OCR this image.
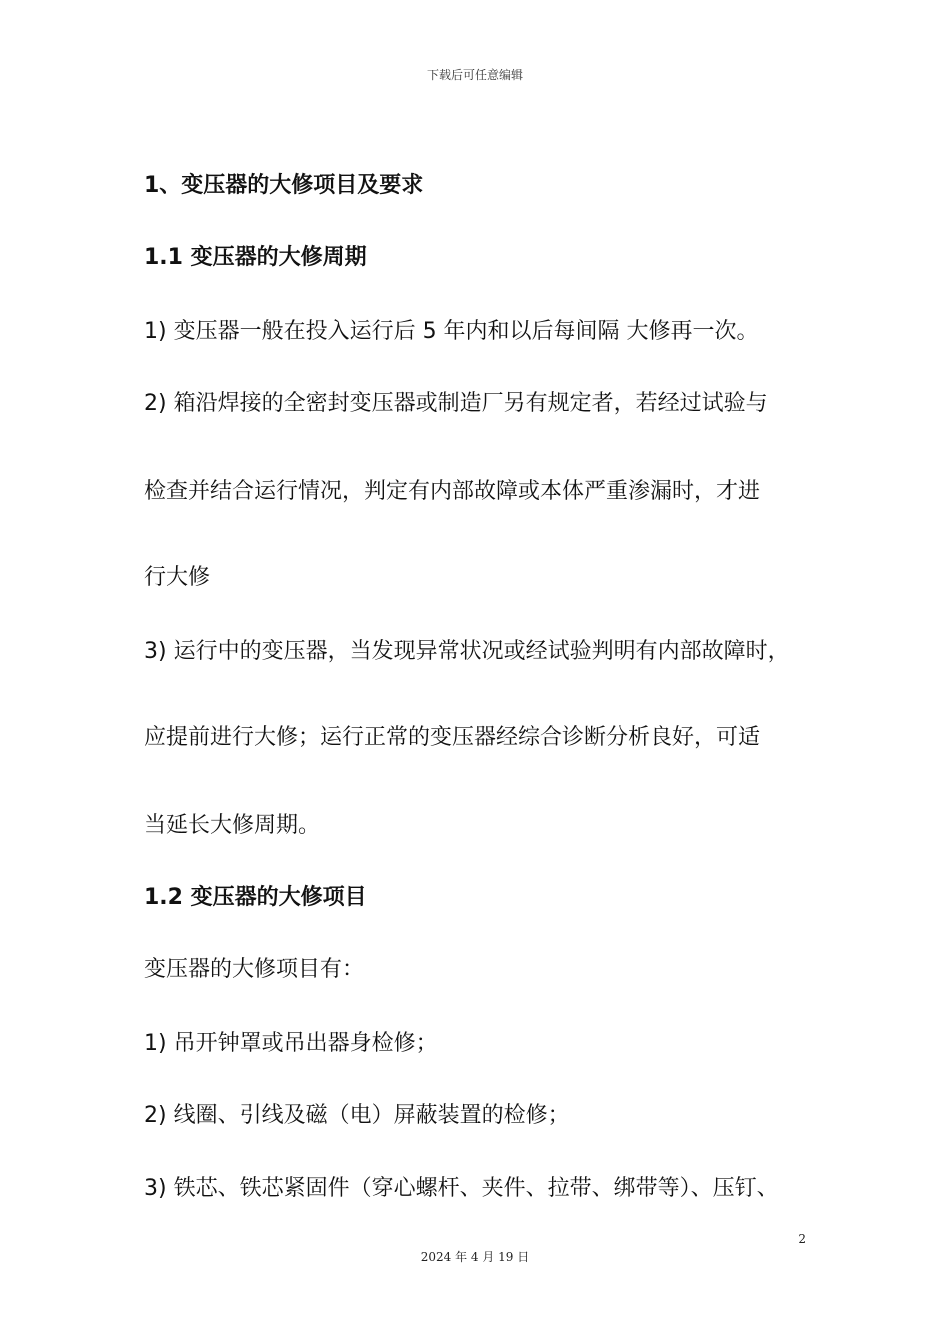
下载后可任意编辑
1、变压器的大修项目及要求
1.1 变压器的大修周期
1) 变压器一般在投入运行后 5 年内和以后每间隔 大修再一次。
2) 箱沿焊接的全密封变压器或制造厂另有规定者，若经过试验与
检查并结合运行情况，判定有内部故障或本体严重渗漏时，才进
行大修
3) 运行中的变压器，当发现异常状况或经试验判明有内部故障时，
应提前进行大修；运行正常的变压器经综合诊断分析良好，可适
当延长大修周期。
1.2 变压器的大修项目
变压器的大修项目有：
1) 吊开钟罩或吊出器身检修；
2) 线圈、引线及磁（电）屏蔽装置的检修；
3) 铁芯、铁芯紧固件（穿心螺杆、夹件、拉带、绑带等）、压钉、
2
2024 年 4 月 19 日
